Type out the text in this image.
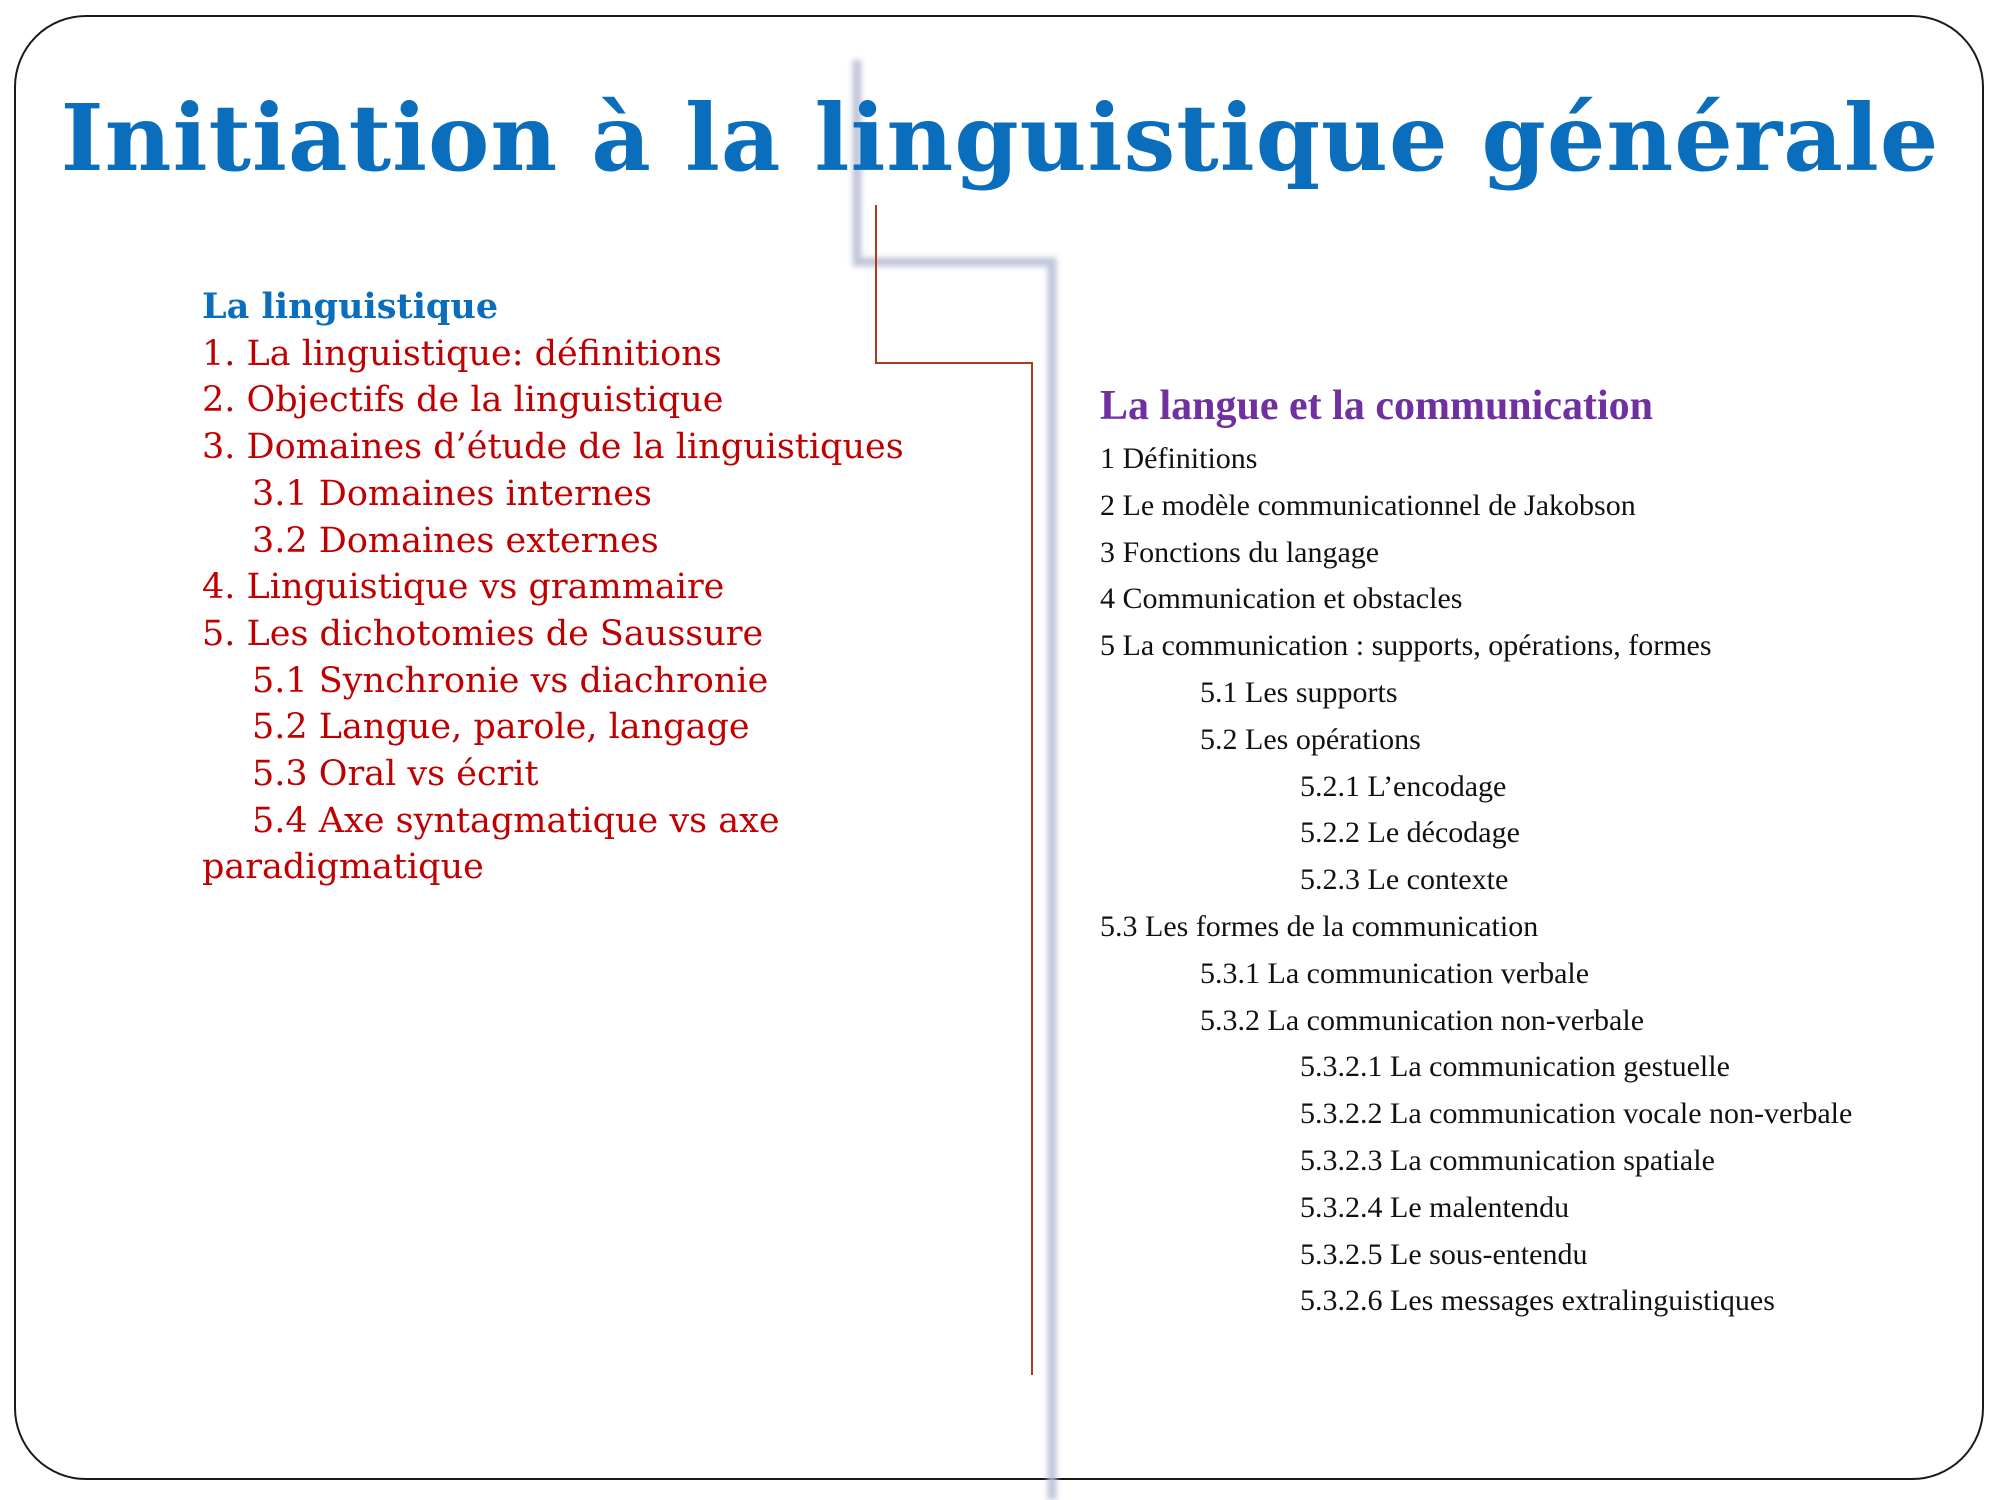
Initiation à la linguistique générale
La linguistique
1. La linguistique: définitions
2. Objectifs de la linguistique
3. Domaines d’étude de la linguistiques
3.1 Domaines internes
3.2 Domaines externes
4. Linguistique vs grammaire
5. Les dichotomies de Saussure
5.1 Synchronie vs diachronie
5.2 Langue, parole, langage
5.3 Oral vs écrit
5.4 Axe syntagmatique vs axe paradigmatique
La langue et la communication
1 Définitions
2 Le modèle communicationnel de Jakobson
3 Fonctions du langage
4 Communication et obstacles
5 La communication : supports, opérations, formes
5.1 Les supports
5.2 Les opérations
5.2.1 L’encodage
5.2.2 Le décodage
5.2.3 Le contexte
5.3 Les formes de la communication
5.3.1 La communication verbale
5.3.2 La communication non-verbale
5.3.2.1 La communication gestuelle
5.3.2.2 La communication vocale non-verbale
5.3.2.3 La communication spatiale
5.3.2.4 Le malentendu
5.3.2.5 Le sous-entendu
5.3.2.6 Les messages extralinguistiques
